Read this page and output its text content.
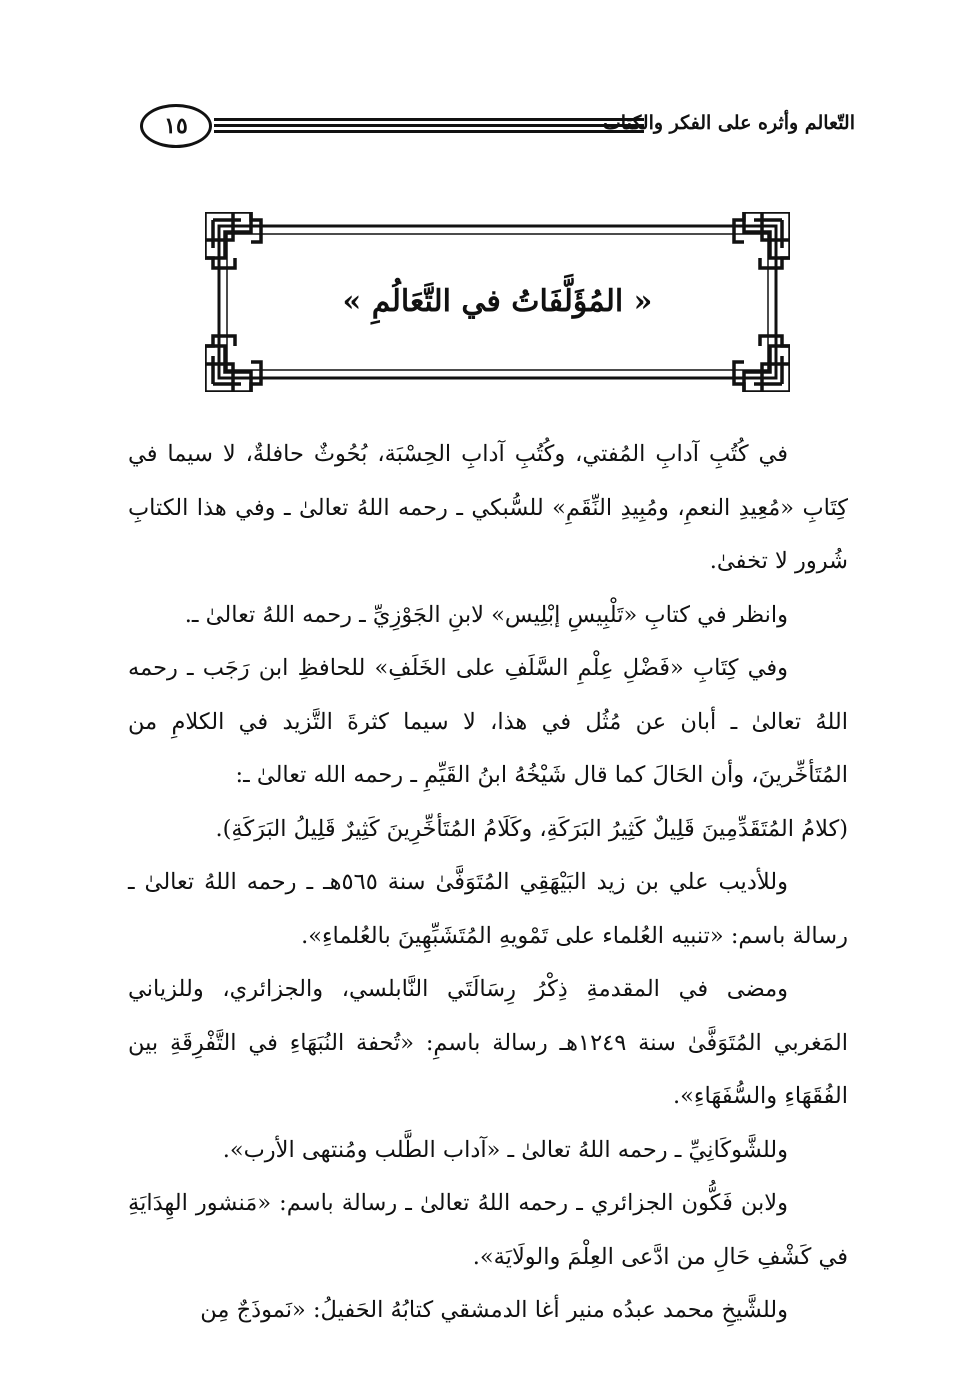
١٥	التّعالم وأثره على الفكر والكتاب
« المُؤَلَّفَاتُ في التَّعَالُمِ »

في كُتُبِ آدابِ المُفتي، وكُتُبِ آدابِ الحِسْبَة، بُحُوثٌ حافلةٌ، لا سيما في كِتَابِ «مُعِيدِ النعمِ، ومُبِيدِ النِّقَمِ» للسُّبكي ـ رحمه اللهُ تعالىٰ ـ وفي هذا الكتابِ شُرور لا تخفىٰ.

وانظر في كتابِ «تَلْبِيسِ إبْلِيس» لابنِ الجَوْزِيِّ ـ رحمه اللهُ تعالىٰ ـ.

وفي كِتَابِ «فَضْلِ عِلْمِ السَّلَفِ على الخَلَفِ» للحافظِ ابن رَجَب ـ رحمه اللهُ تعالىٰ ـ أبان عن مُثُل في هذا، لا سيما كثرةَ التَّزيد في الكلامِ من المُتَأخِّرينَ، وأن الحَالَ كما قال شَيْخُهُ ابنُ القَيِّمِ ـ رحمه الله تعالىٰ ـ:

(كلامُ المُتَقَدِّمِينَ قَلِيلٌ كَثِيرُ البَرَكَةِ، وكَلَامُ المُتَأخِّرِينَ كَثِيرٌ قَلِيلُ البَرَكَةِ).

وللأديب علي بن زيد البَيْهَقِي المُتَوَفَّىٰ سنة ٥٦٥هـ ـ رحمه اللهُ تعالىٰ ـ رسالة باسم: «تنبيه العُلماء على تَمْويهِ المُتَشَبِّهِينَ بالعُلماءِ».

ومضى في المقدمةِ ذِكْرُ رِسَالَتَي النَّابلسي، والجزائري، وللزياني المَغربي المُتَوَفَّىٰ سنة ١٢٤٩هـ رسالة باسمِ: «تُحفة النُبَهَاءِ في التَّفْرِقَةِ بين الفُقَهَاءِ والسُّفَهَاءِ».

وللشَّوكَانِيِّ ـ رحمه اللهُ تعالىٰ ـ «آداب الطَّلب ومُنتهى الأرب».

ولابن فَكُّون الجزائري ـ رحمه اللهُ تعالىٰ ـ رسالة باسم: «مَنشور الهِدَايَةِ في كَشْفِ حَالِ من ادَّعى العِلْمَ والولَايَة».

وللشَّيخِ محمد عبدُه منير أغا الدمشقي كتابُهُ الحَفيلُ: «نَموذَجٌ مِن
